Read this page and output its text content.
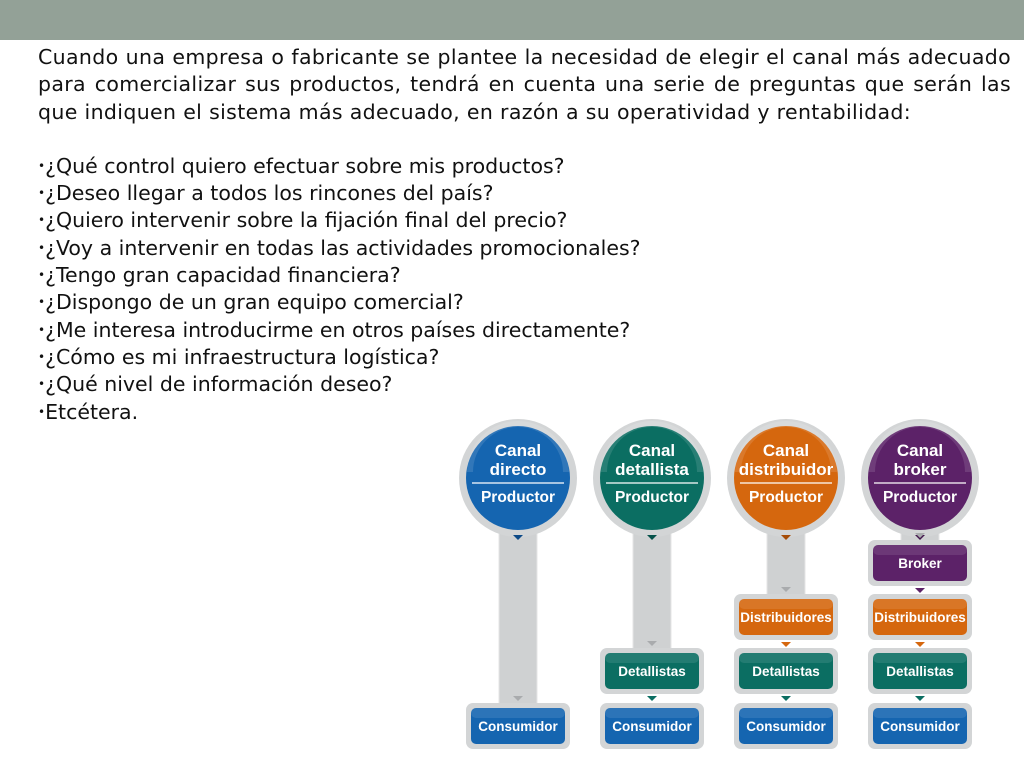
Cuando una empresa o fabricante se plantee la necesidad de elegir el canal más adecuado para comercializar sus productos, tendrá en cuenta una serie de preguntas que serán las que indiquen el sistema más adecuado, en razón a su operatividad y rentabilidad:

• ¿Qué control quiero efectuar sobre mis productos?
• ¿Deseo llegar a todos los rincones del país?
• ¿Quiero intervenir sobre la fijación final del precio?
• ¿Voy a intervenir en todas las actividades promocionales?
• ¿Tengo gran capacidad financiera?
• ¿Dispongo de un gran equipo comercial?
• ¿Me interesa introducirme en otros países directamente?
• ¿Cómo es mi infraestructura logística?
• ¿Qué nivel de información deseo?
• Etcétera.
Canal
directo
Productor
Consumidor
Canal
detallista
Productor
Detallistas
Consumidor
Canal
distribuidor
Productor
Distribuidores
Detallistas
Consumidor
Canal
broker
Productor
Broker
Distribuidores
Detallistas
Consumidor
